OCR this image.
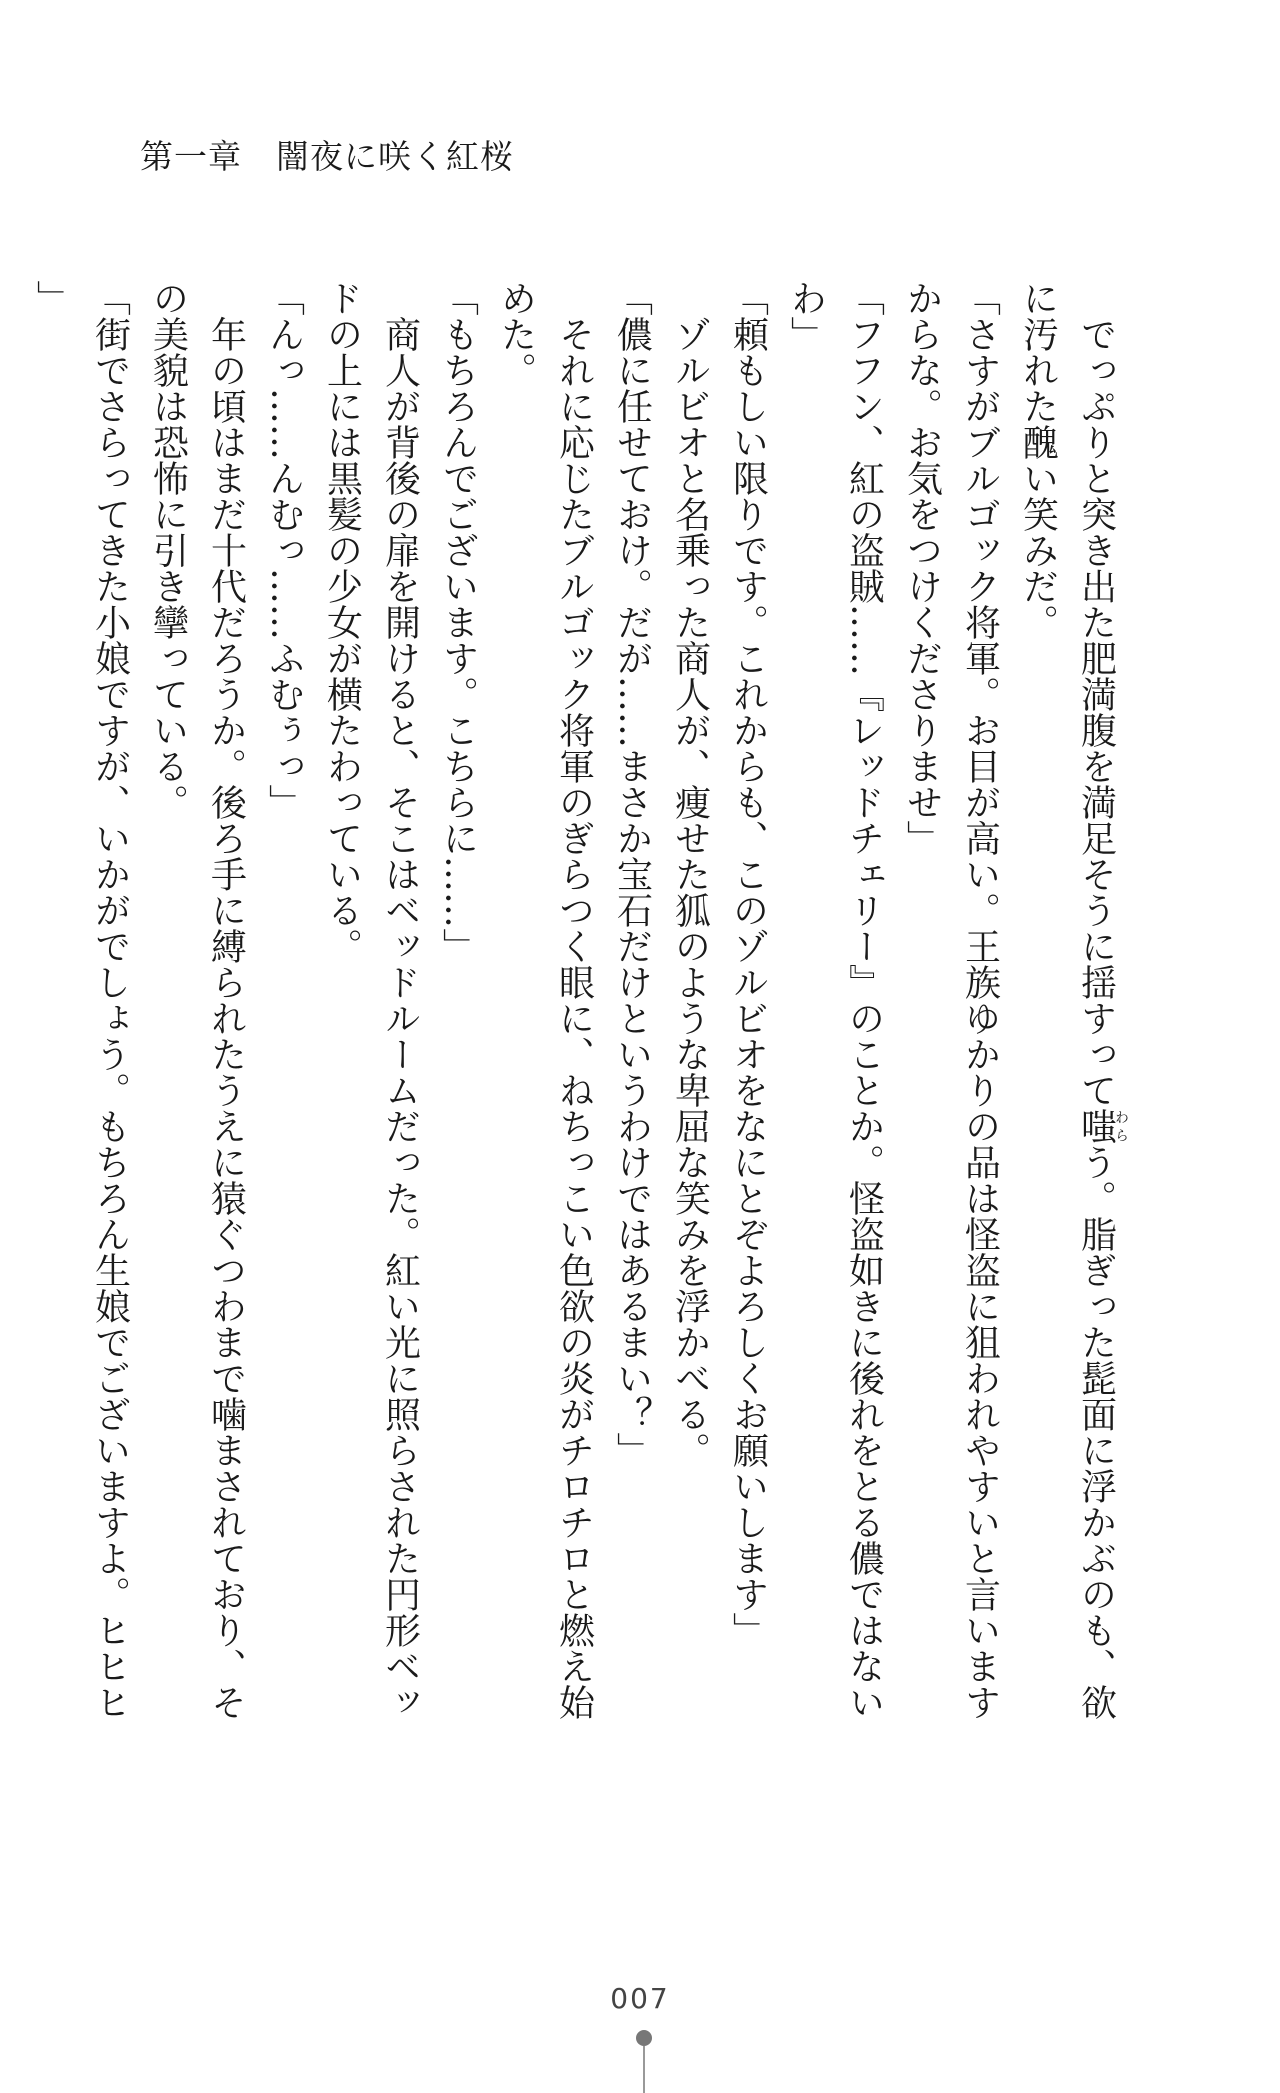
第一章　闇夜に咲く紅桜
　でっぷりと突き出た肥満腹を満足そうに揺すって嗤わらう。脂ぎった髭面に浮かぶのも、欲
に汚れた醜い笑みだ。
「さすがブルゴック将軍。お目が高い。王族ゆかりの品は怪盗に狙われやすいと言います
からな。お気をつけくださりませ」
「フフン、紅の盗賊……『レッドチェリー』のことか。怪盗如きに後れをとる儂ではない
わ」
「頼もしい限りです。これからも、このゾルビオをなにとぞよろしくお願いします」
　ゾルビオと名乗った商人が、痩せた狐のような卑屈な笑みを浮かべる。
「儂に任せておけ。だが……まさか宝石だけというわけではあるまい？」
　それに応じたブルゴック将軍のぎらつく眼に、ねちっこい色欲の炎がチロチロと燃え始
めた。
「もちろんでございます。こちらに……」
　商人が背後の扉を開けると、そこはベッドルームだった。紅い光に照らされた円形ベッ
ドの上には黒髪の少女が横たわっている。
「んっ……んむっ……ふむぅっ」
　年の頃はまだ十代だろうか。後ろ手に縛られたうえに猿ぐつわまで噛まされており、そ
の美貌は恐怖に引き攣っている。
「街でさらってきた小娘ですが、いかがでしょう。もちろん生娘でございますよ。ヒヒヒ
」
007
